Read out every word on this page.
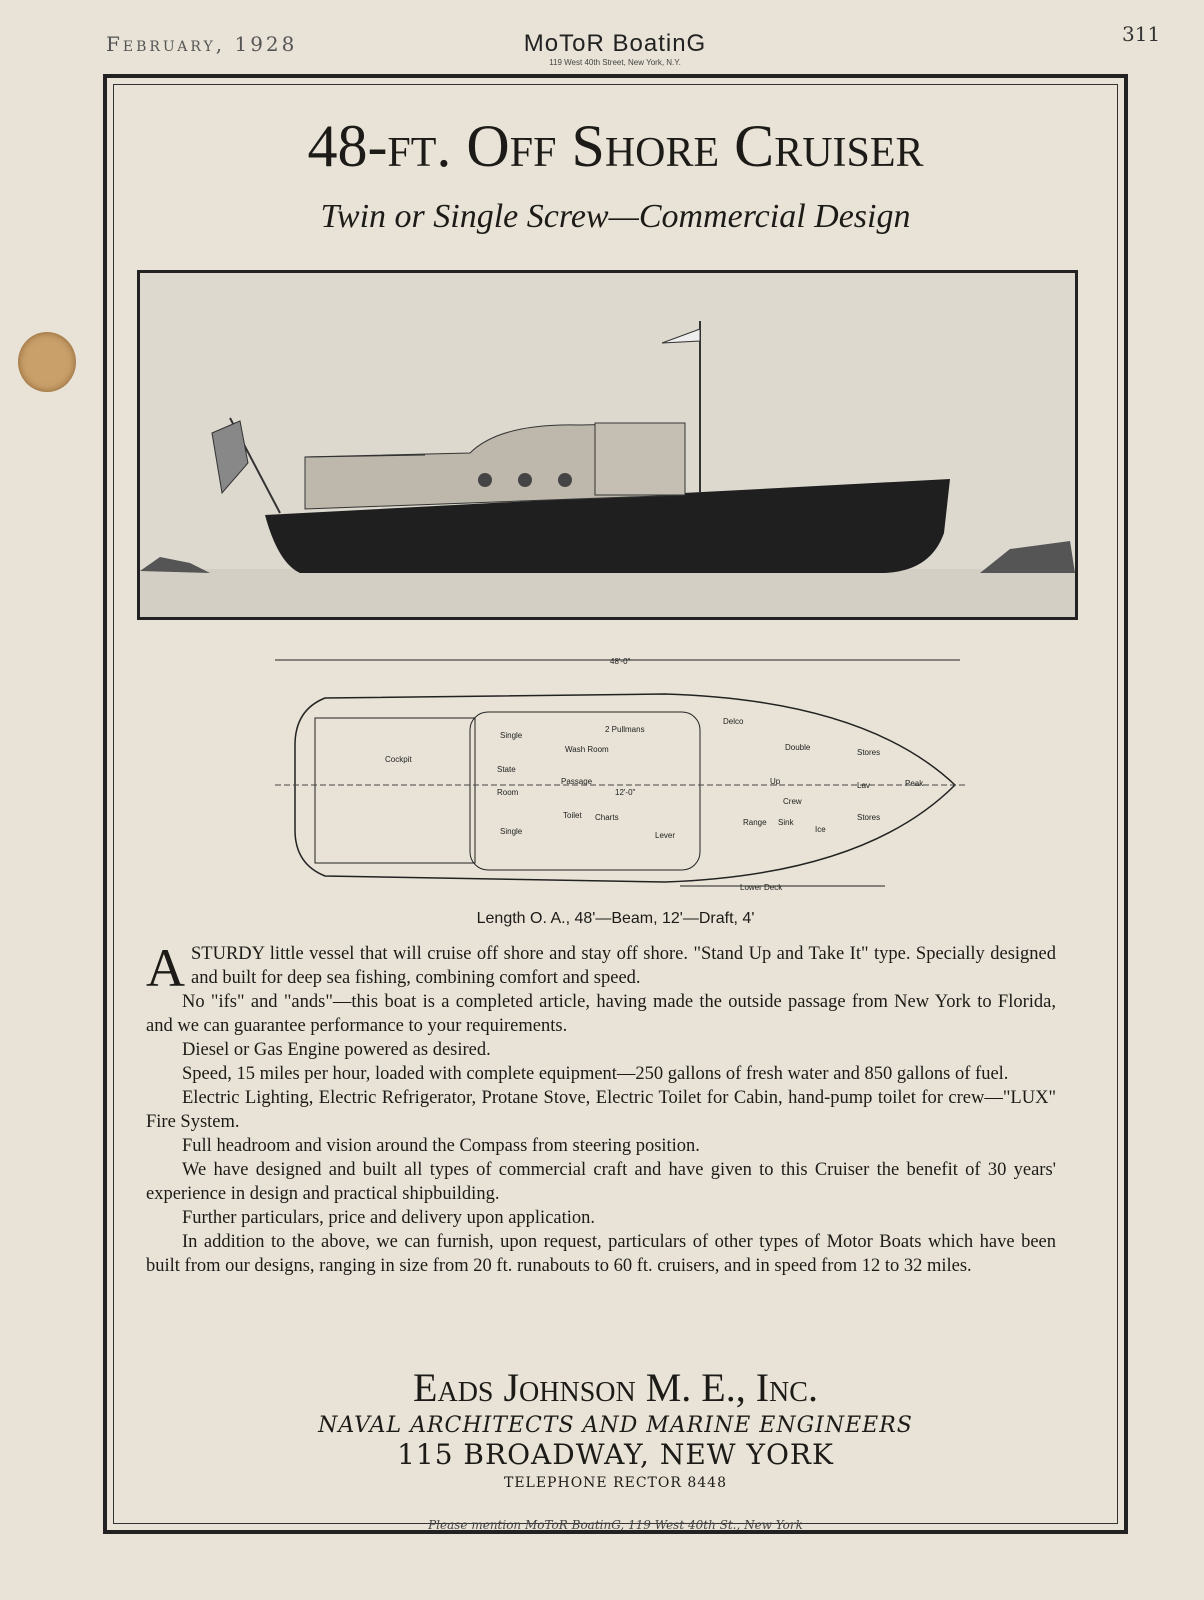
February, 1928	MoToR BoatinG
119 West 40th Street, New York, N.Y.
311
48-ft. Off Shore Cruiser
Twin or Single Screw—Commercial Design
48'-0"
Cockpit
Single
State
Room
Single
Wash Room
Passage
Toilet Charts
2 Pullmans
12'-0"
Lever
Delco
Double
Up
Crew
Range Sink
Ice
Stores
Lav
Stores
Peak
Lower Deck
Length O. A., 48'—Beam, 12'—Draft, 4'

ASTURDY little vessel that will cruise off shore and stay off shore. "Stand Up and Take It" type. Specially designed and built for deep sea fishing, combining comfort and speed.

No "ifs" and "ands"—this boat is a completed article, having made the outside passage from New York to Florida, and we can guarantee performance to your requirements.

Diesel or Gas Engine powered as desired.

Speed, 15 miles per hour, loaded with complete equipment—250 gallons of fresh water and 850 gallons of fuel.

Electric Lighting, Electric Refrigerator, Protane Stove, Electric Toilet for Cabin, hand-pump toilet for crew—"LUX" Fire System.

Full headroom and vision around the Compass from steering position.

We have designed and built all types of commercial craft and have given to this Cruiser the benefit of 30 years' experience in design and practical shipbuilding.

Further particulars, price and delivery upon application.

In addition to the above, we can furnish, upon request, particulars of other types of Motor Boats which have been built from our designs, ranging in size from 20 ft. runabouts to 60 ft. cruisers, and in speed from 12 to 32 miles.

Eads Johnson M. E., Inc.
NAVAL ARCHITECTS AND MARINE ENGINEERS
115 BROADWAY, NEW YORK
TELEPHONE RECTOR 8448
Please mention MoToR BoatinG, 119 West 40th St., New York
